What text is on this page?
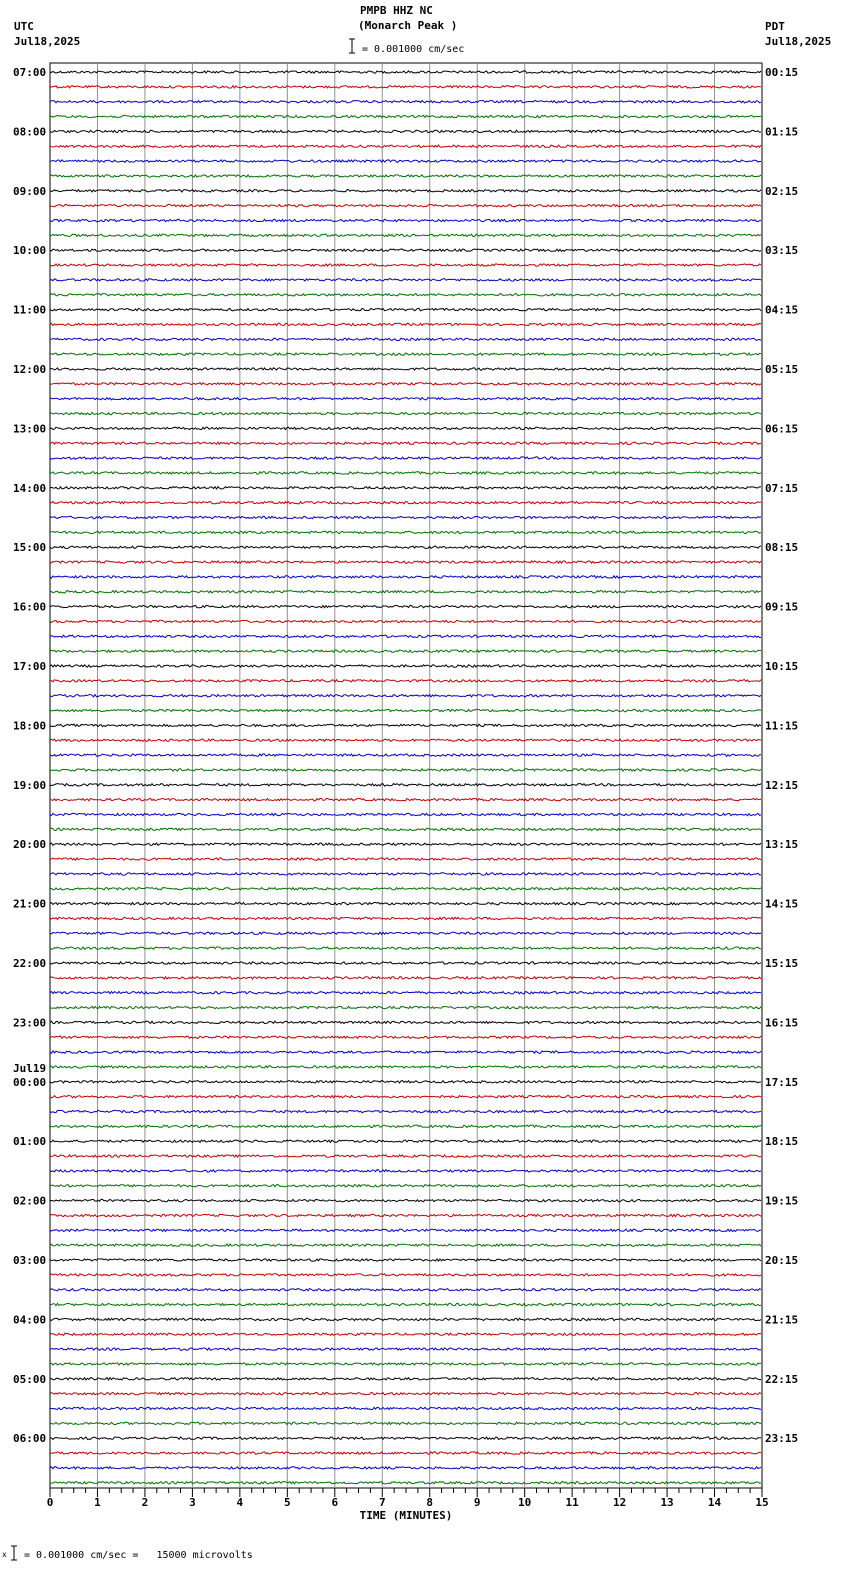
PMPB HHZ NC
(Monarch Peak )
UTC
Jul18,2025
PDT
Jul18,2025
= 0.001000 cm/sec
x = 0.001000 cm/sec =   15000 microvolts
07:00	00:15
08:00	01:15
09:00	02:15
10:00	03:15
11:00	04:15
12:00	05:15
13:00	06:15
14:00	07:15
15:00	08:15
16:00	09:15
17:00	10:15
18:00	11:15
19:00	12:15
20:00	13:15
21:00	14:15
22:00	15:15
23:00	16:15
00:00	17:15
Jul19
01:00	18:15
02:00	19:15
03:00	20:15
04:00	21:15
05:00	22:15
06:00	23:15
0	1	2	3	4	5	6	7	8	9	10	11	12	13	14	15
TIME (MINUTES)
